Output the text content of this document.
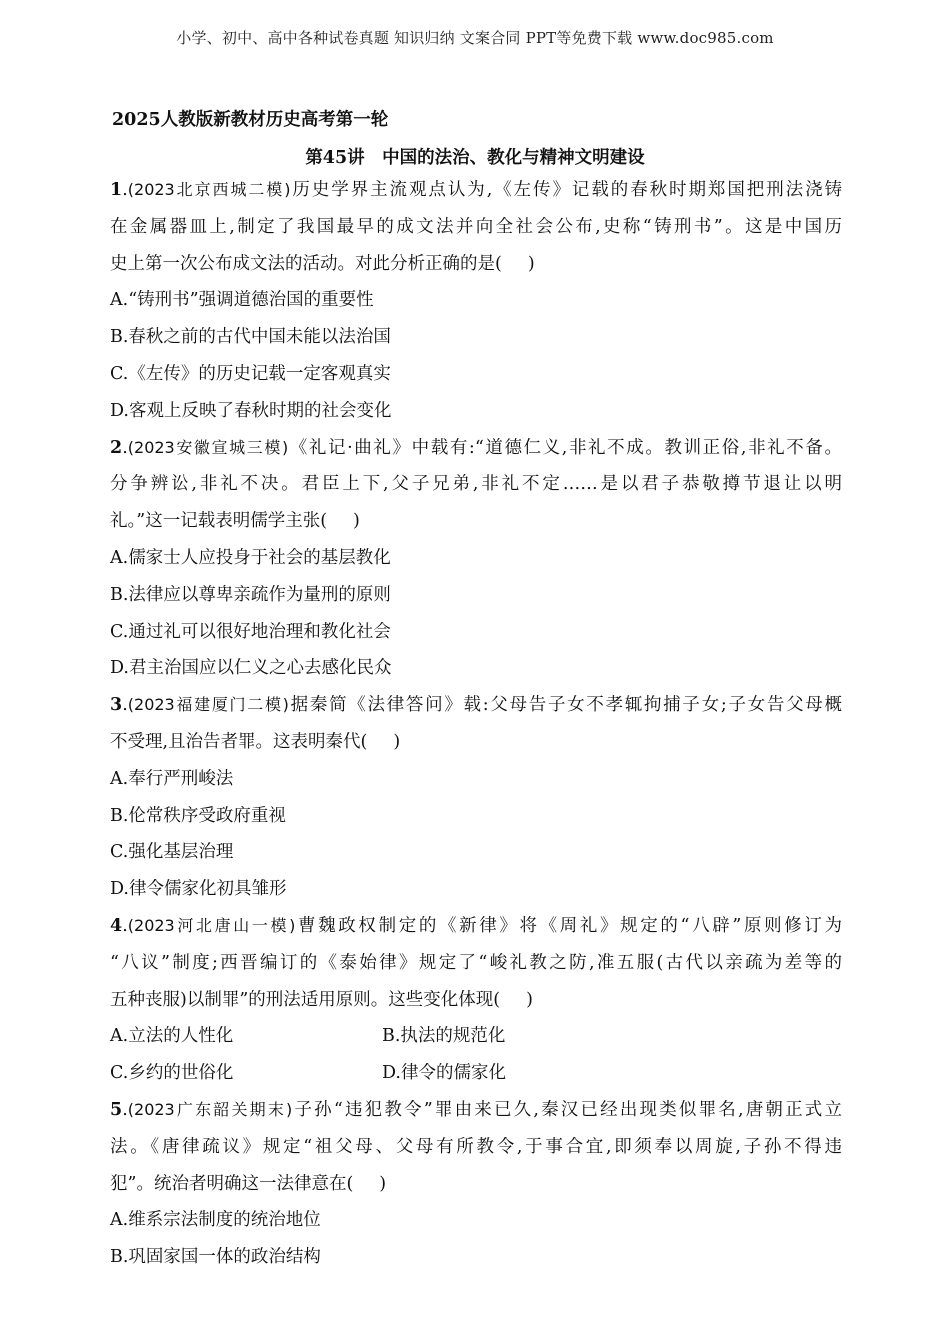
小学、初中、高中各种试卷真题 知识归纳 文案合同 PPT等免费下载 www.doc985.com
2025人教版新教材历史高考第一轮
第45讲　中国的法治、教化与精神文明建设
1.(2023北京西城二模)历史学界主流观点认为,《左传》记载的春秋时期郑国把刑法浇铸
在金属器皿上,制定了我国最早的成文法并向全社会公布,史称“铸刑书”。这是中国历
史上第一次公布成文法的活动。对此分析正确的是( )
A.“铸刑书”强调道德治国的重要性
B.春秋之前的古代中国未能以法治国
C.《左传》的历史记载一定客观真实
D.客观上反映了春秋时期的社会变化
2.(2023安徽宣城三模)《礼记·曲礼》中载有:“道德仁义,非礼不成。教训正俗,非礼不备。
分争辨讼,非礼不决。君臣上下,父子兄弟,非礼不定……是以君子恭敬撙节退让以明
礼。”这一记载表明儒学主张( )
A.儒家士人应投身于社会的基层教化
B.法律应以尊卑亲疏作为量刑的原则
C.通过礼可以很好地治理和教化社会
D.君主治国应以仁义之心去感化民众
3.(2023福建厦门二模)据秦简《法律答问》载:父母告子女不孝辄拘捕子女;子女告父母概
不受理,且治告者罪。这表明秦代( )
A.奉行严刑峻法
B.伦常秩序受政府重视
C.强化基层治理
D.律令儒家化初具雏形
4.(2023河北唐山一模)曹魏政权制定的《新律》将《周礼》规定的“八辟”原则修订为
“八议”制度;西晋编订的《泰始律》规定了“峻礼教之防,准五服(古代以亲疏为差等的
五种丧服)以制罪”的刑法适用原则。这些变化体现( )
A.立法的人性化	B.执法的规范化
C.乡约的世俗化	D.律令的儒家化
5.(2023广东韶关期末)子孙“违犯教令”罪由来已久,秦汉已经出现类似罪名,唐朝正式立
法。《唐律疏议》规定“祖父母、父母有所教令,于事合宜,即须奉以周旋,子孙不得违
犯”。统治者明确这一法律意在( )
A.维系宗法制度的统治地位
B.巩固家国一体的政治结构
